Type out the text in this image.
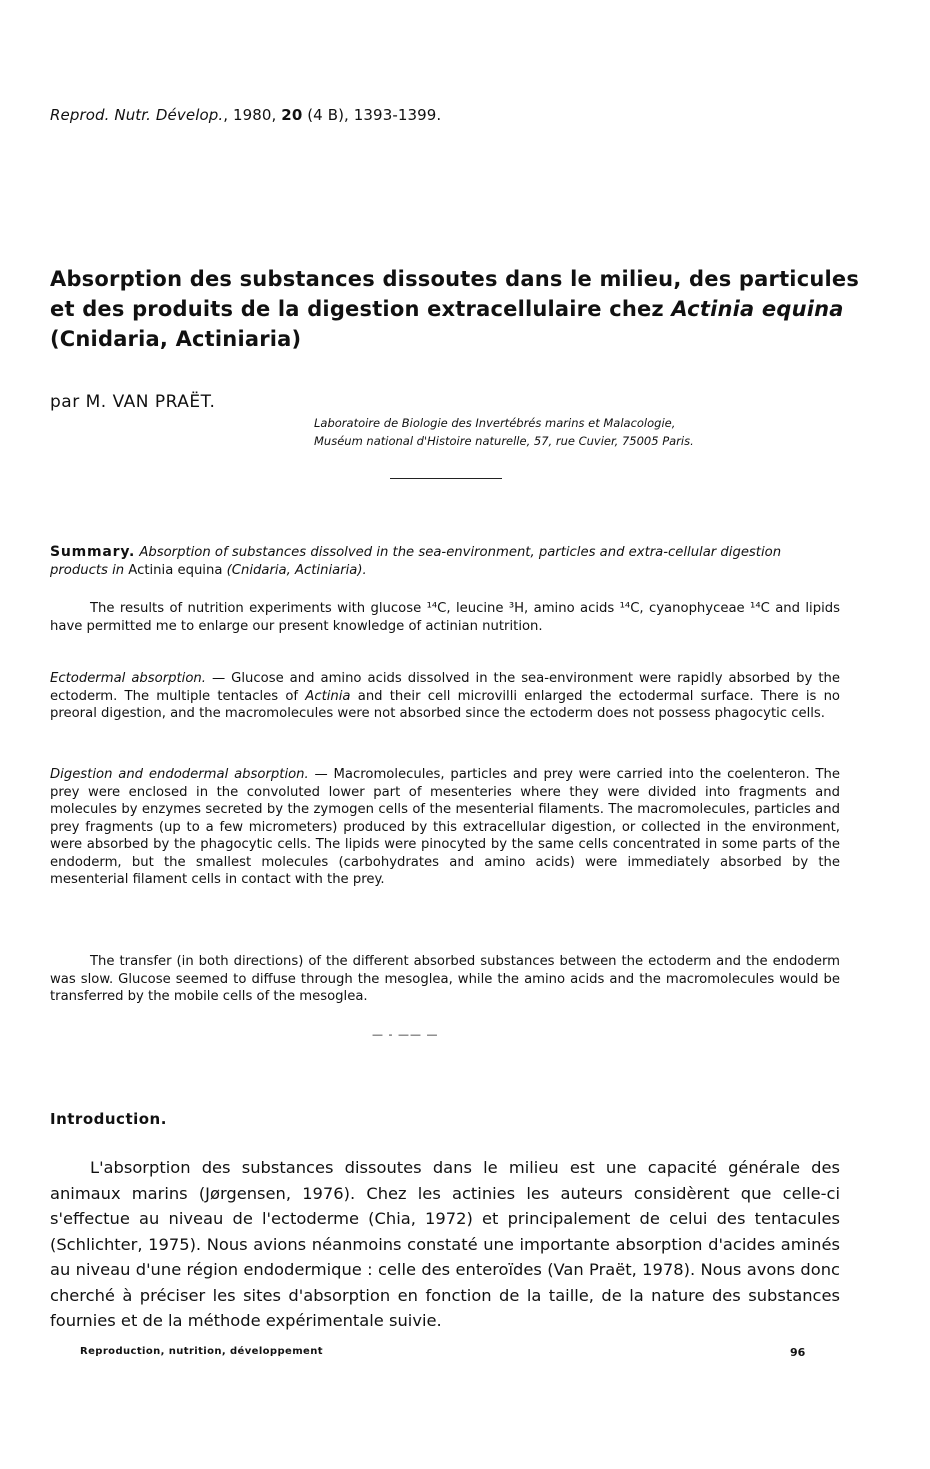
Reprod. Nutr. Dévelop., 1980, 20 (4 B), 1393-1399.
Absorption des substances dissoutes dans le milieu, des particules
et des produits de la digestion extracellulaire chez Actinia equina
(Cnidaria, Actiniaria)
par M. VAN PRAËT.
Laboratoire de Biologie des Invertébrés marins et Malacologie,
Muséum national d'Histoire naturelle, 57, rue Cuvier, 75005 Paris.
Summary. Absorption of substances dissolved in the sea-environment, particles and extra-cellular digestion products in Actinia equina (Cnidaria, Actiniaria).
The results of nutrition experiments with glucose ¹⁴C, leucine ³H, amino acids ¹⁴C, cyanophyceae ¹⁴C and lipids have permitted me to enlarge our present knowledge of actinian nutrition.
Ectodermal absorption. — Glucose and amino acids dissolved in the sea-environment were rapidly absorbed by the ectoderm. The multiple tentacles of Actinia and their cell microvilli enlarged the ectodermal surface. There is no preoral digestion, and the macromolecules were not absorbed since the ectoderm does not possess phagocytic cells.
Digestion and endodermal absorption. — Macromolecules, particles and prey were carried into the coelenteron. The prey were enclosed in the convoluted lower part of mesenteries where they were divided into fragments and molecules by enzymes secreted by the zymogen cells of the mesenterial filaments. The macromolecules, particles and prey fragments (up to a few micrometers) produced by this extracellular digestion, or collected in the environment, were absorbed by the phagocytic cells. The lipids were pinocyted by the same cells concentrated in some parts of the endoderm, but the smallest molecules (carbohydrates and amino acids) were immediately absorbed by the mesenterial filament cells in contact with the prey.
The transfer (in both directions) of the different absorbed substances between the ectoderm and the endoderm was slow. Glucose seemed to diffuse through the mesoglea, while the amino acids and the macromolecules would be transferred by the mobile cells of the mesoglea.
— - —— —
Introduction.
L'absorption des substances dissoutes dans le milieu est une capacité générale des animaux marins (Jørgensen, 1976). Chez les actinies les auteurs considèrent que celle-ci s'effectue au niveau de l'ectoderme (Chia, 1972) et principalement de celui des tentacules (Schlichter, 1975). Nous avions néanmoins constaté une importante absorption d'acides aminés au niveau d'une région endodermique : celle des enteroïdes (Van Praët, 1978). Nous avons donc cherché à préciser les sites d'absorption en fonction de la taille, de la nature des substances fournies et de la méthode expérimentale suivie.
Reproduction, nutrition, développement	96
